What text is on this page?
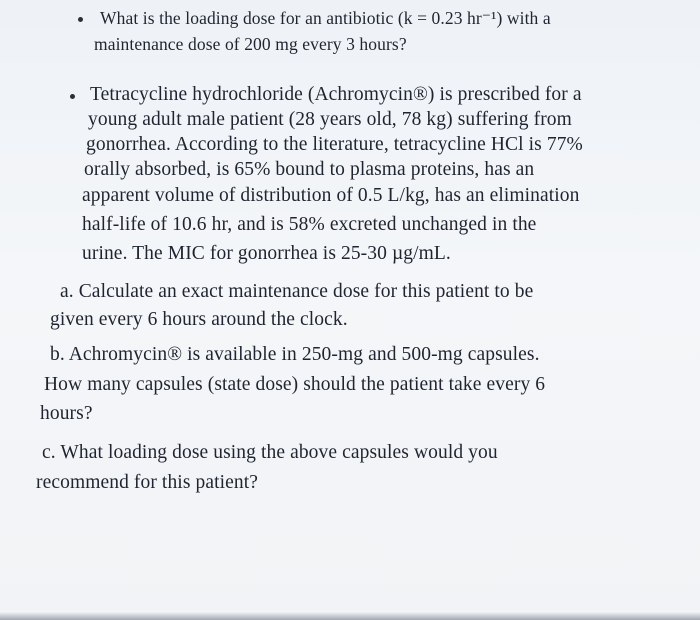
What is the loading dose for an antibiotic (k = 0.23 hr⁻¹) with a
maintenance dose of 200 mg every 3 hours?
Tetracycline hydrochloride (Achromycin®) is prescribed for a
young adult male patient (28 years old, 78 kg) suffering from
gonorrhea. According to the literature, tetracycline HCl is 77%
orally absorbed, is 65% bound to plasma proteins, has an
apparent volume of distribution of 0.5 L/kg, has an elimination
half-life of 10.6 hr, and is 58% excreted unchanged in the
urine. The MIC for gonorrhea is 25-30 µg/mL.
a. Calculate an exact maintenance dose for this patient to be
given every 6 hours around the clock.
b. Achromycin® is available in 250-mg and 500-mg capsules.
How many capsules (state dose) should the patient take every 6
hours?
c. What loading dose using the above capsules would you
recommend for this patient?
